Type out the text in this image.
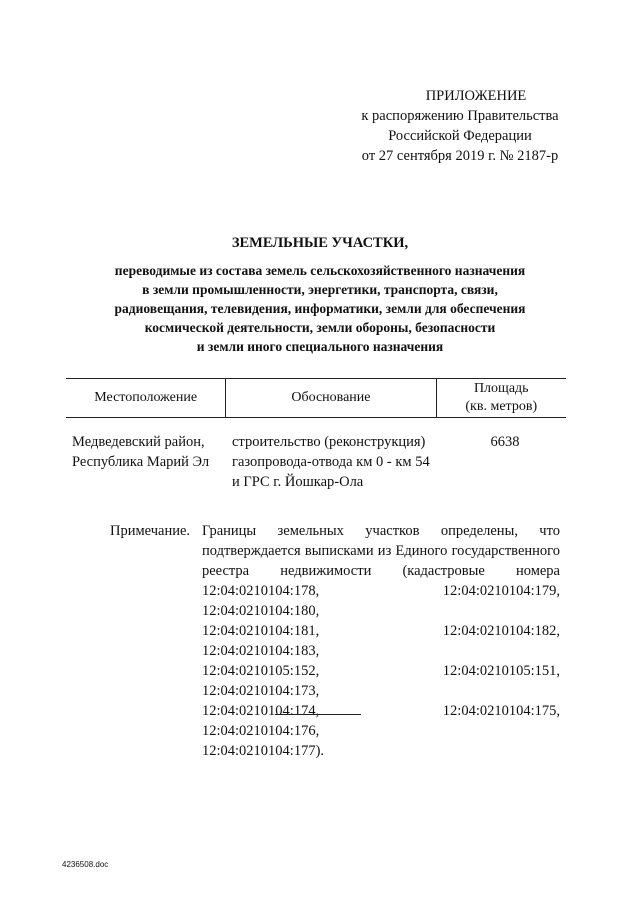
ПРИЛОЖЕНИЕ
к распоряжению Правительства
Российской Федерации
от 27 сентября 2019 г. № 2187-р
ЗЕМЕЛЬНЫЕ УЧАСТКИ,
переводимые из состава земель сельскохозяйственного назначения
в земли промышленности, энергетики, транспорта, связи,
радиовещания, телевидения, информатики, земли для обеспечения
космической деятельности, земли обороны, безопасности
и земли иного специального назначения
Местоположение	Обоснование
Площадь
(кв. метров)
Медведевский район,
Республика Марий Эл
строительство (реконструкция)
газопровода-отвода км 0 - км 54
и ГРС г. Йошкар-Ола
6638
Примечание. Границы земельных участков определены, что
подтверждается выписками из Единого государственного
реестра недвижимости (кадастровые номера
12:04:0210104:178, 12:04:0210104:179, 12:04:0210104:180,
12:04:0210104:181, 12:04:0210104:182, 12:04:0210104:183,
12:04:0210105:152, 12:04:0210105:151, 12:04:0210104:173,
12:04:0210104:174, 12:04:0210104:175, 12:04:0210104:176,
12:04:0210104:177).
4236508.doc
